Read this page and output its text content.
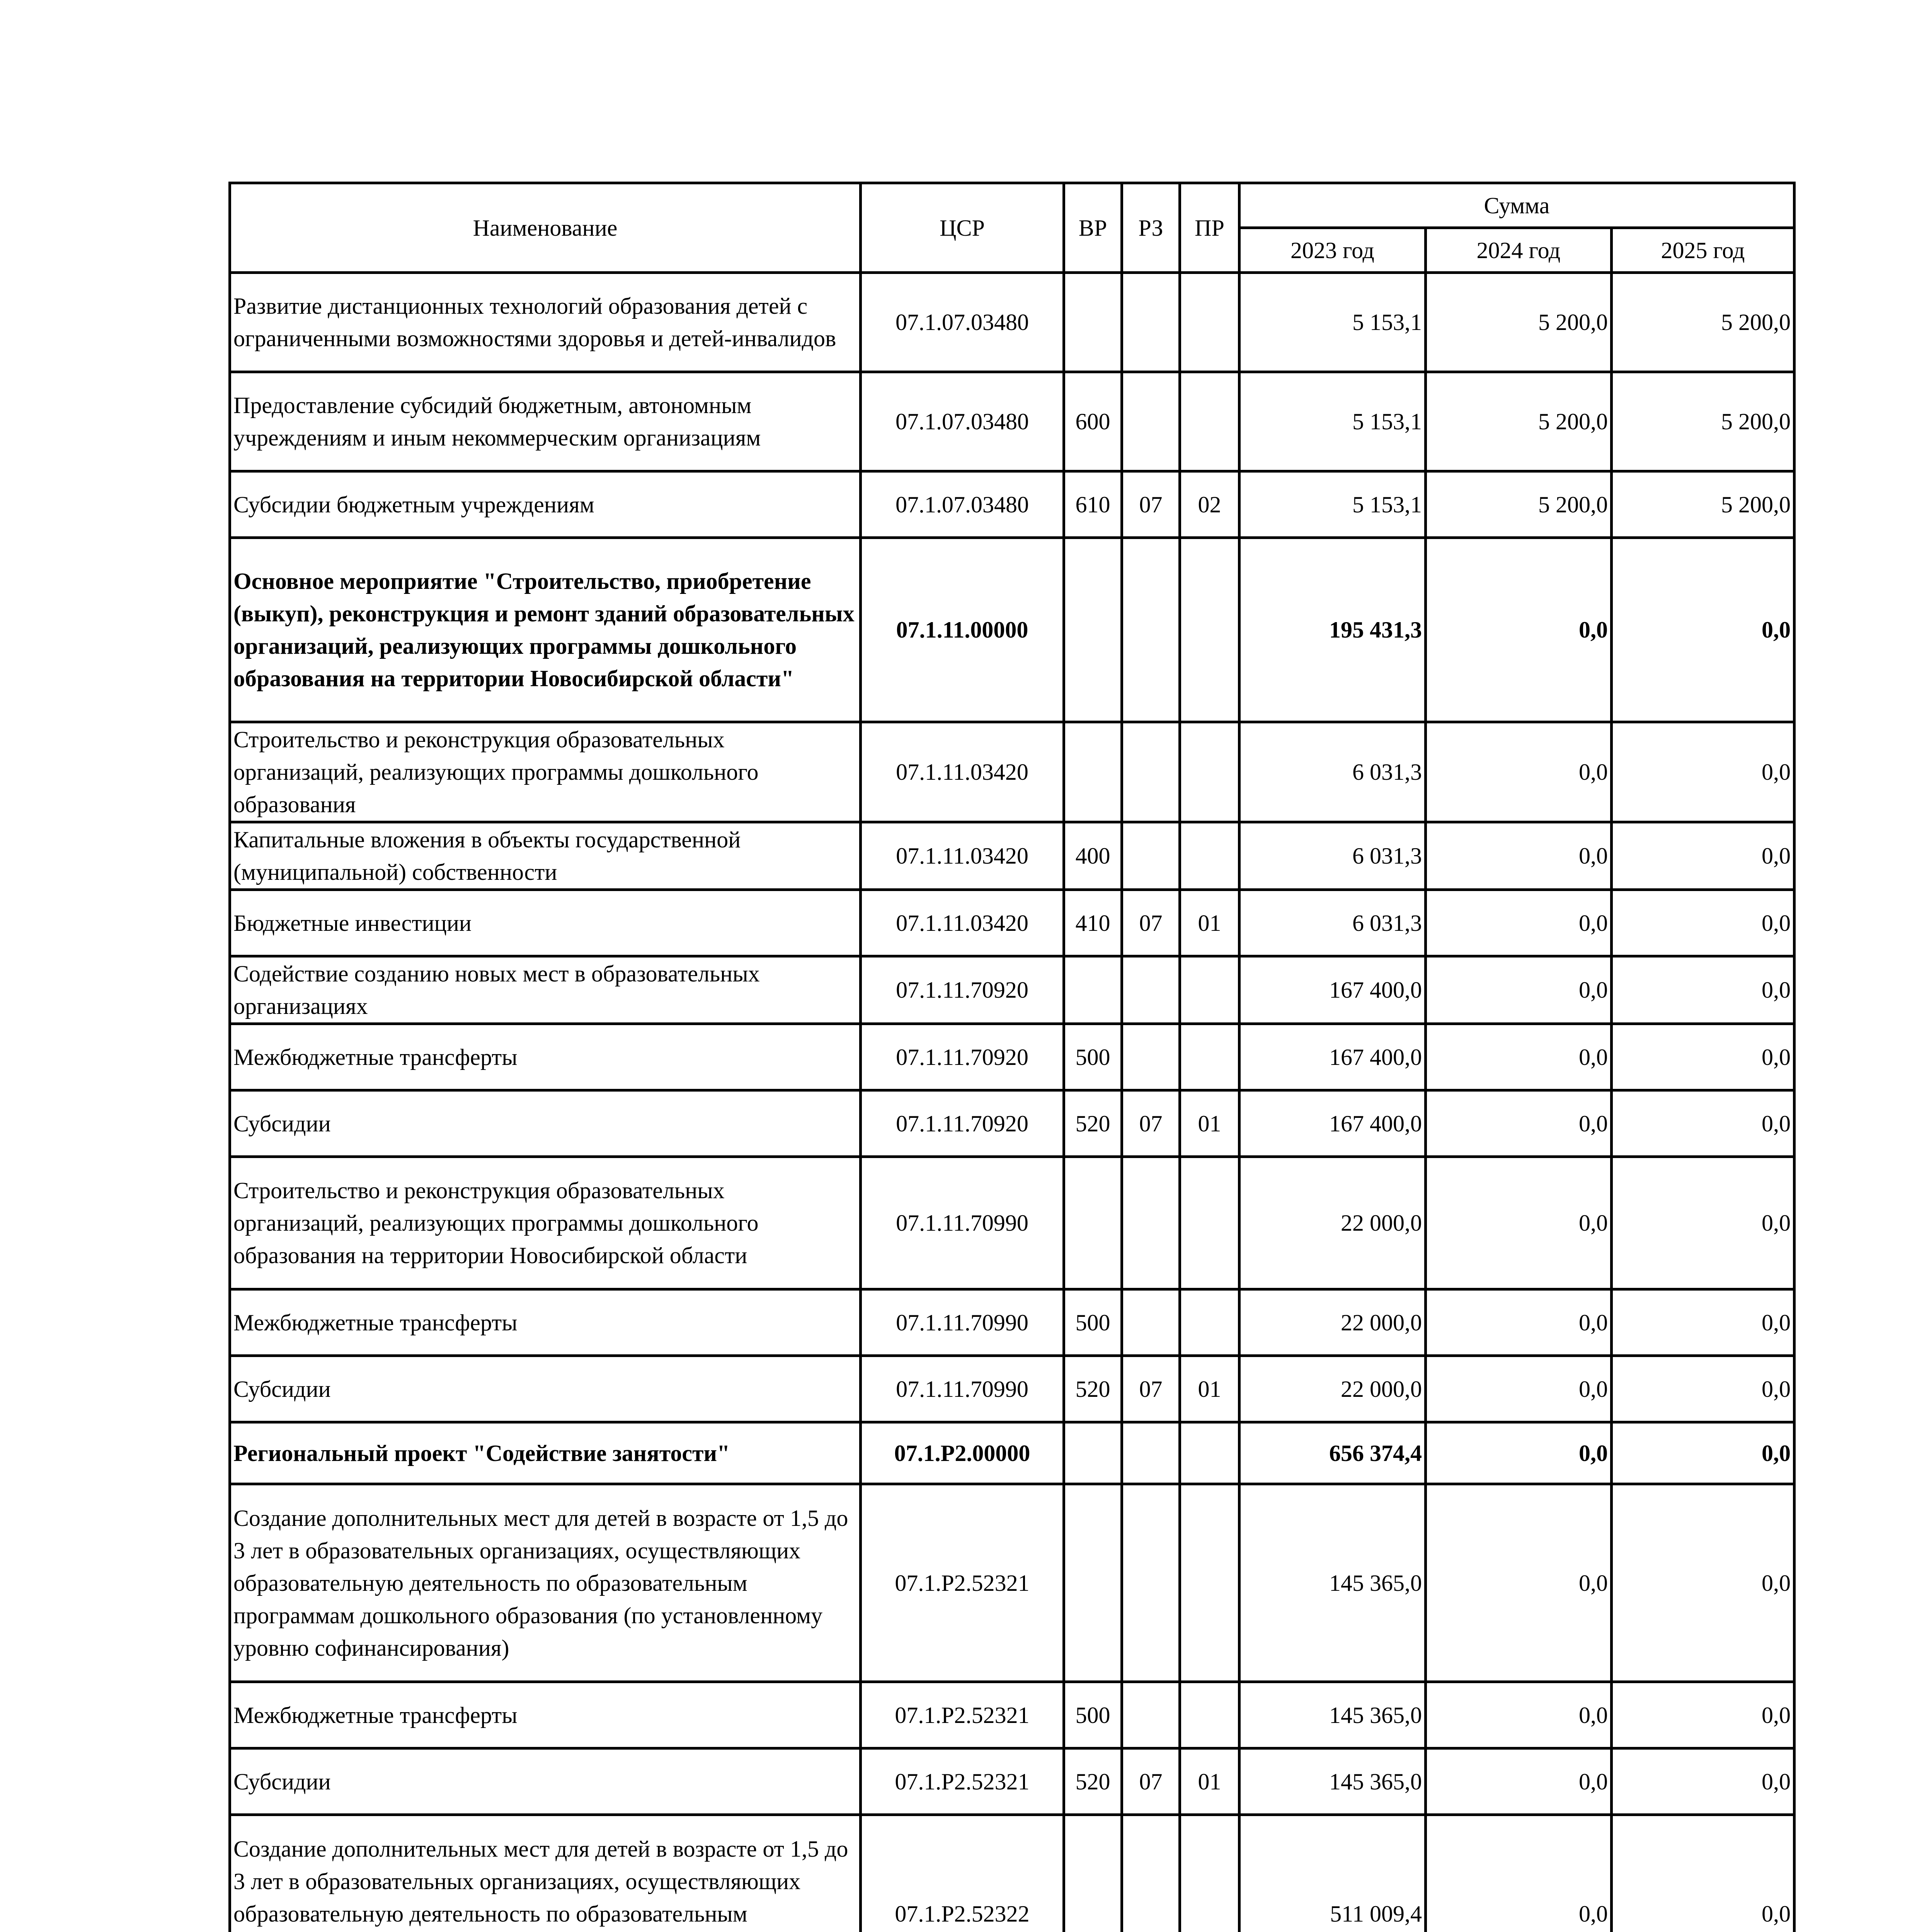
Наименование	ЦСР	ВР	РЗ	ПР	Сумма		
					2023 год	2024 год	2025 год
Развитие дистанционных технологий образования детей с ограниченными возможностями здоровья и детей-инвалидов	07.1.07.03480				5 153,1	5 200,0	5 200,0
Предоставление субсидий бюджетным, автономным учреждениям и иным некоммерческим организациям	07.1.07.03480	600			5 153,1	5 200,0	5 200,0
Субсидии бюджетным учреждениям	07.1.07.03480	610	07	02	5 153,1	5 200,0	5 200,0
Основное мероприятие "Строительство, приобретение (выкуп), реконструкция и ремонт зданий образовательных организаций, реализующих программы дошкольного образования на территории Новосибирской области"	07.1.11.00000				195 431,3	0,0	0,0
Строительство и реконструкция образовательных организаций, реализующих программы дошкольного образования	07.1.11.03420				6 031,3	0,0	0,0
Капитальные вложения в объекты государственной (муниципальной) собственности	07.1.11.03420	400			6 031,3	0,0	0,0
Бюджетные инвестиции	07.1.11.03420	410	07	01	6 031,3	0,0	0,0
Содействие созданию новых мест в образовательных организациях	07.1.11.70920				167 400,0	0,0	0,0
Межбюджетные трансферты	07.1.11.70920	500			167 400,0	0,0	0,0
Субсидии	07.1.11.70920	520	07	01	167 400,0	0,0	0,0
Строительство и реконструкция образовательных организаций, реализующих программы дошкольного образования на территории Новосибирской области	07.1.11.70990				22 000,0	0,0	0,0
Межбюджетные трансферты	07.1.11.70990	500			22 000,0	0,0	0,0
Субсидии	07.1.11.70990	520	07	01	22 000,0	0,0	0,0
Региональный проект "Содействие занятости"	07.1.P2.00000				656 374,4	0,0	0,0
Создание дополнительных мест для детей в возрасте от 1,5 до 3 лет в образовательных организациях, осуществляющих образовательную деятельность по образовательным программам дошкольного образования (по установленному уровню софинансирования)	07.1.P2.52321				145 365,0	0,0	0,0
Межбюджетные трансферты	07.1.P2.52321	500			145 365,0	0,0	0,0
Субсидии	07.1.P2.52321	520	07	01	145 365,0	0,0	0,0
Создание дополнительных мест для детей в возрасте от 1,5 до 3 лет в образовательных организациях, осуществляющих образовательную деятельность по образовательным	07.1.P2.52322				511 009,4	0,0	0,0
